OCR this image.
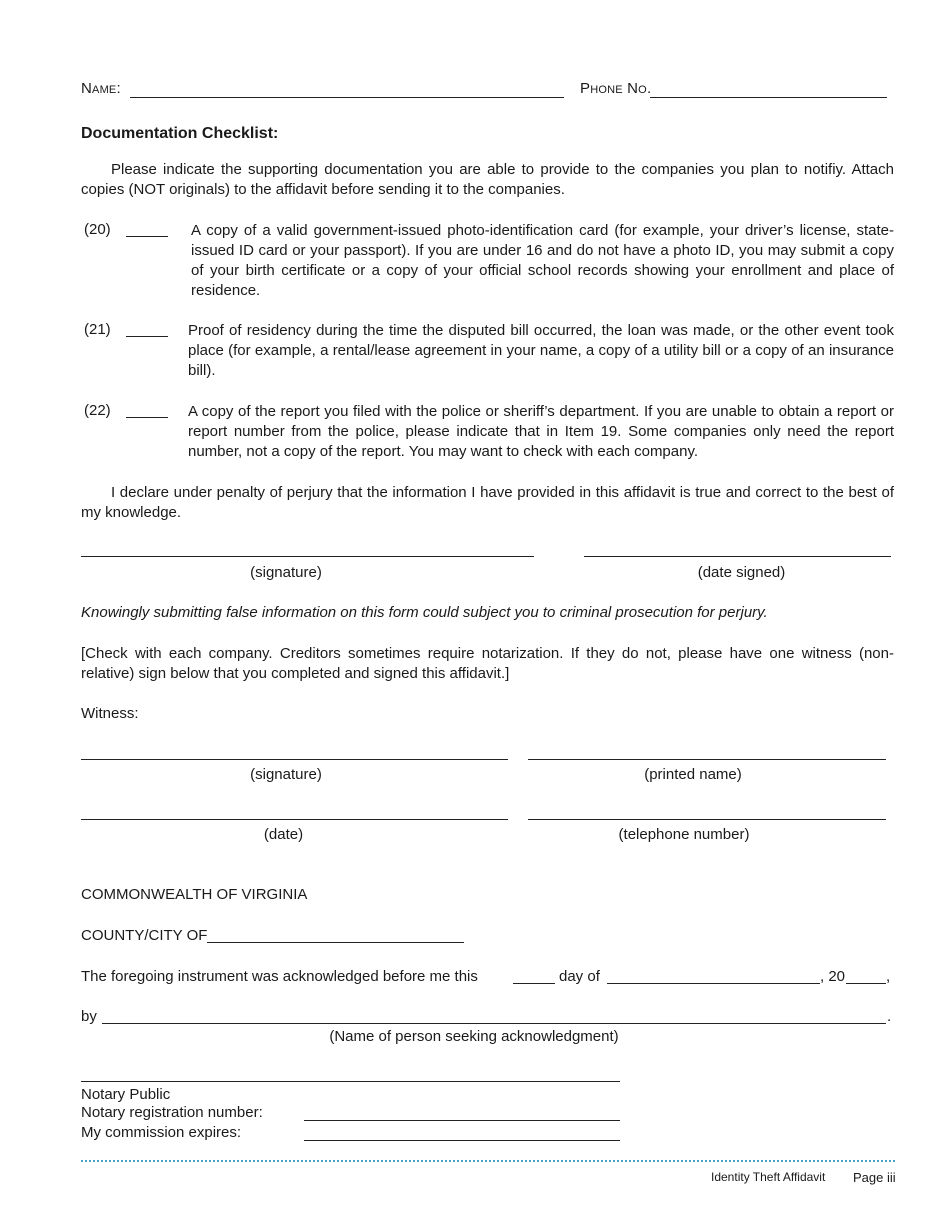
Name:	Phone No.
Documentation Checklist:
Please indicate the supporting documentation you are able to provide to the companies you plan to notifiy. Attach copies (NOT originals) to the affidavit before sending it to the companies.
(20)	A copy of a valid government-issued photo-identification card (for example, your driver’s license, state-issued ID card or your passport). If you are under 16 and do not have a photo ID, you may submit a copy of your birth certificate or a copy of your official school records showing your enrollment and place of residence.
(21)	Proof of residency during the time the disputed bill occurred, the loan was made, or the other event took place (for example, a rental/lease agreement in your name, a copy of a utility bill or a copy of an insurance bill).
(22)	A copy of the report you filed with the police or sheriff’s department. If you are unable to obtain a report or report number from the police, please indicate that in Item 19. Some companies only need the report number, not a copy of the report. You may want to check with each company.
I declare under penalty of perjury that the information I have provided in this affidavit is true and correct to the best of my knowledge.
(signature)	(date signed)
Knowingly submitting false information on this form could subject you to criminal prosecution for perjury.
[Check with each company. Creditors sometimes require notarization. If they do not, please have one witness (non-relative) sign below that you completed and signed this affidavit.]
Witness:
(signature)	(printed name)
(date)	(telephone number)
COMMONWEALTH OF VIRGINIA
COUNTY/CITY OF
The foregoing instrument was acknowledged before me this	day of	, 20	,
by	.
(Name of person seeking acknowledgment)
Notary Public
Notary registration number:
My commission expires:
Identity Theft Affidavit Page iii
